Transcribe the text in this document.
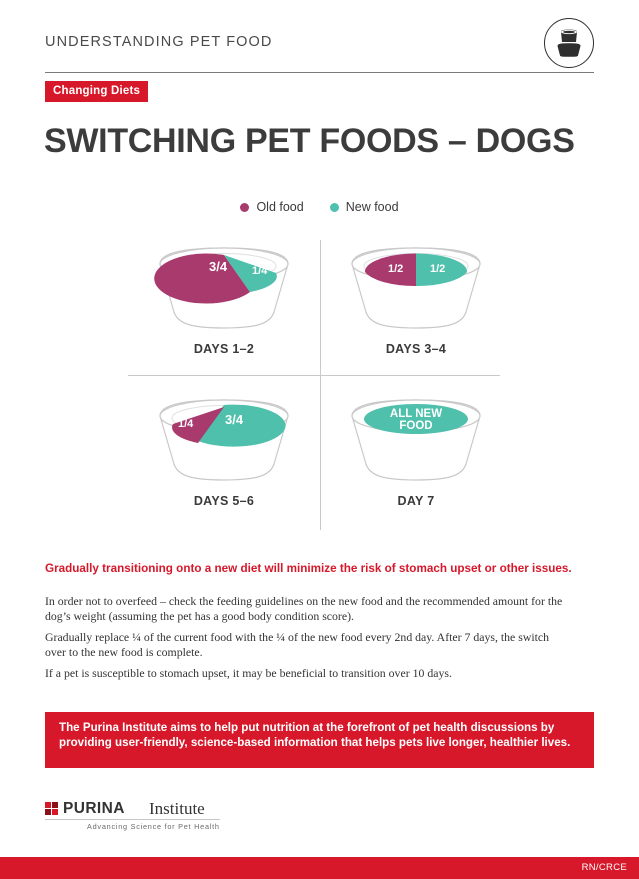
UNDERSTANDING PET FOOD
Changing Diets
SWITCHING PET FOODS – DOGS
Old food	New food
3/4 1/4
DAYS 1–2
1/2 1/2
DAYS 3–4
1/4 3/4
DAYS 5–6
ALL NEW
FOOD
DAY 7
Gradually transitioning onto a new diet will minimize the risk of stomach upset or other issues.
In order not to overfeed – check the feeding guidelines on the new food and the recommended amount for the dog’s weight (assuming the pet has a good body condition score).
Gradually replace ¼ of the current food with the ¼ of the new food every 2nd day. After 7 days, the switch over to the new food is complete.
If a pet is susceptible to stomach upset, it may be beneficial to transition over 10 days.
The Purina Institute aims to help put nutrition at the forefront of pet health discussions by providing user-friendly, science-based information that helps pets live longer, healthier lives.
PURINA Institute
Advancing Science for Pet Health
RN/CRCE
